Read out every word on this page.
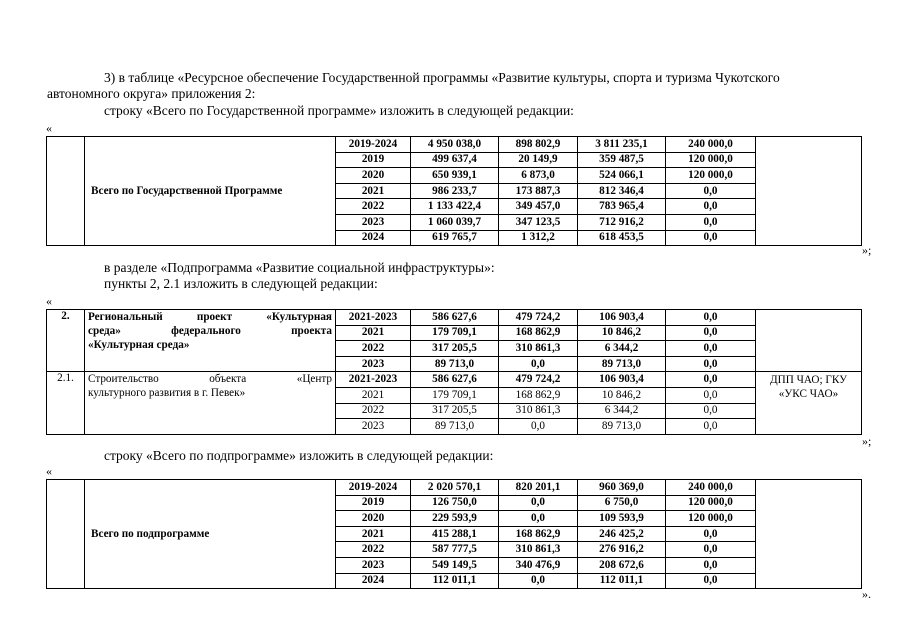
3) в таблице «Ресурсное обеспечение Государственной программы «Развитие культуры, спорта и туризма Чукотского
автономного округа» приложения 2:
строку «Всего по Государственной программе» изложить в следующей редакции:
«
	Всего по Государственной Программе	2019-2024	4 950 038,0	898 802,9	3 811 235,1	240 000,0	
		2019	499 637,4	20 149,9	359 487,5	120 000,0	
		2020	650 939,1	6 873,0	524 066,1	120 000,0	
		2021	986 233,7	173 887,3	812 346,4	0,0	
		2022	1 133 422,4	349 457,0	783 965,4	0,0	
		2023	1 060 039,7	347 123,5	712 916,2	0,0	
		2024	619 765,7	1 312,2	618 453,5	0,0	
»;
в разделе «Подпрограмма «Развитие социальной инфраструктуры»:
пункты 2, 2.1 изложить в следующей редакции:
«
2.	Региональный проект «Культурная
среда» федерального проекта
«Культурная среда»	2021-2023	586 627,6	479 724,2	106 903,4	0,0	
		2021	179 709,1	168 862,9	10 846,2	0,0	
		2022	317 205,5	310 861,3	6 344,2	0,0	
		2023	89 713,0	0,0	89 713,0	0,0	
2.1.	Строительство объекта «Центр
культурного развития в г. Певек»	2021-2023	586 627,6	479 724,2	106 903,4	0,0	ДПП ЧАО; ГКУ «УКС ЧАО»
		2021	179 709,1	168 862,9	10 846,2	0,0	
		2022	317 205,5	310 861,3	6 344,2	0,0	
		2023	89 713,0	0,0	89 713,0	0,0	
»;
строку «Всего по подпрограмме» изложить в следующей редакции:
«
	Всего по подпрограмме	2019-2024	2 020 570,1	820 201,1	960 369,0	240 000,0	
		2019	126 750,0	0,0	6 750,0	120 000,0	
		2020	229 593,9	0,0	109 593,9	120 000,0	
		2021	415 288,1	168 862,9	246 425,2	0,0	
		2022	587 777,5	310 861,3	276 916,2	0,0	
		2023	549 149,5	340 476,9	208 672,6	0,0	
		2024	112 011,1	0,0	112 011,1	0,0	
».
